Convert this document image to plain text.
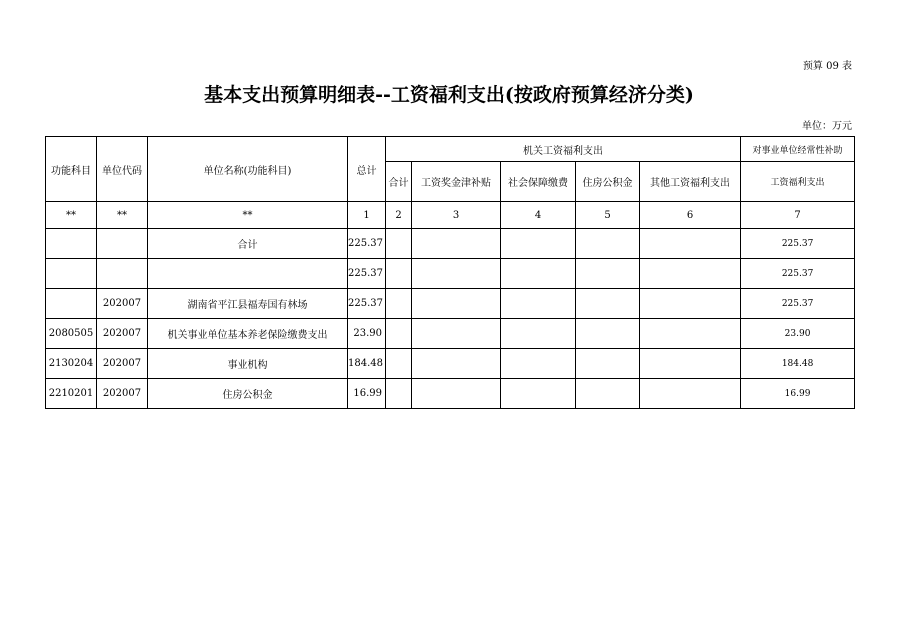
预算 09 表
基本支出预算明细表--工资福利支出(按政府预算经济分类)
单位：万元
功能科目	单位代码	单位名称(功能科目)	总计	机关工资福利支出					对事业单位经常性补助
				合计	工资奖金津补贴	社会保障缴费	住房公积金	其他工资福利支出	工资福利支出
**	**	**	1	2	3	4	5	6	7
		合计	225.37						225.37
			225.37						225.37
	202007	湖南省平江县福寿国有林场	225.37						225.37
2080505	202007	机关事业单位基本养老保险缴费支出	23.90						23.90
2130204	202007	事业机构	184.48						184.48
2210201	202007	住房公积金	16.99						16.99
